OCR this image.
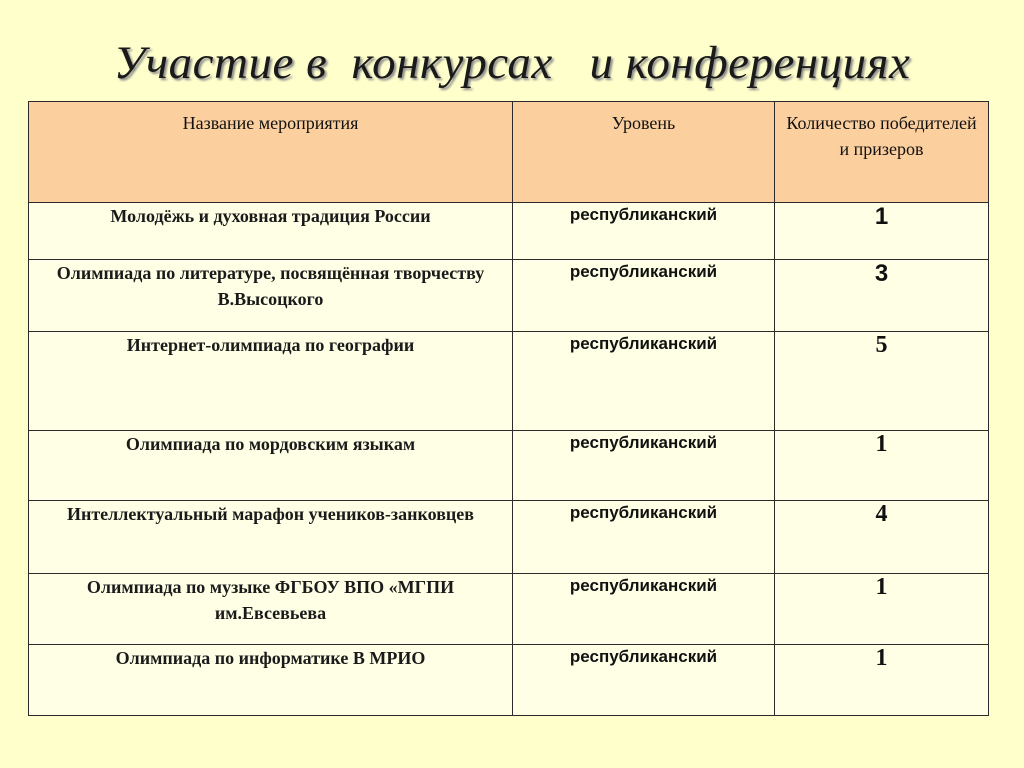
Участие в  конкурсах   и конференциях
Название мероприятия	Уровень	Количество победителей и призеров
Молодёжь и духовная традиция России	республиканский	1
Олимпиада по литературе, посвящённая творчеству В.Высоцкого	республиканский	3
Интернет-олимпиада по географии	республиканский	5
Олимпиада по мордовским языкам	республиканский	1
Интеллектуальный марафон учеников-занковцев	республиканский	4
Олимпиада по музыке ФГБОУ ВПО «МГПИ им.Евсевьева	республиканский	1
Олимпиада по информатике В МРИО	республиканский	1
